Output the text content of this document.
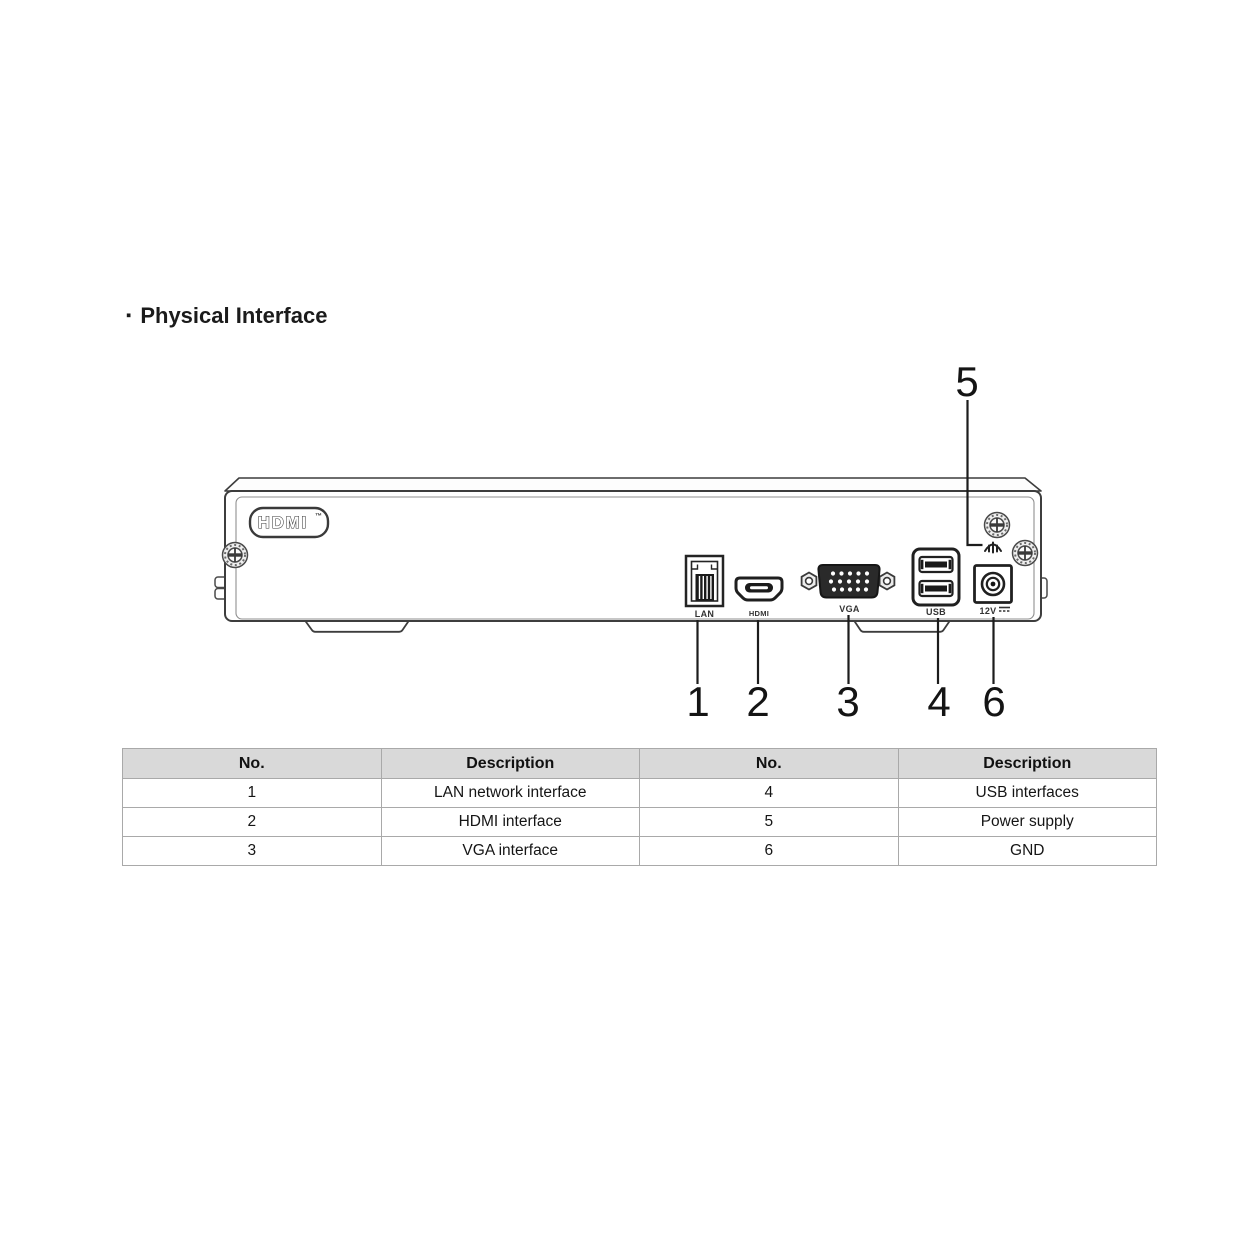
▪ Physical Interface
HDMI ™
LAN	HDMI	VGA	USB	12V
1 2 3 4
5
6
No.	Description	No.	Description
1	LAN network interface	4	USB interfaces
2	HDMI interface	5	Power supply
3	VGA interface	6	GND
